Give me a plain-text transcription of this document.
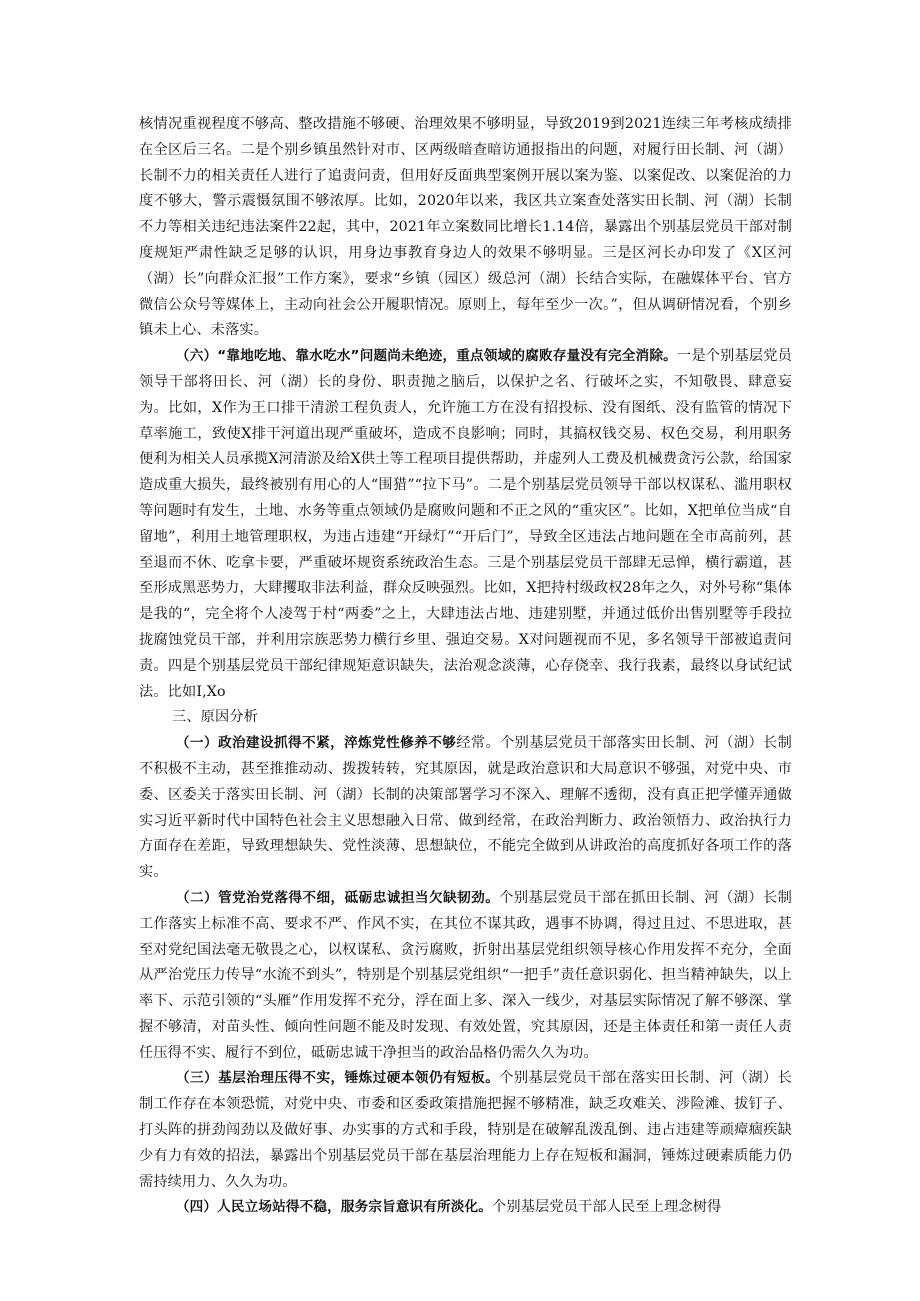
核情况重视程度不够高、整改措施不够硬、治理效果不够明显，导致2019到2021连续三年考核成绩排在全区后三名。二是个别乡镇虽然针对市、区两级暗查暗访通报指出的问题，对履行田长制、河（湖）长制不力的相关责任人进行了追责问责，但用好反面典型案例开展以案为鉴、以案促改、以案促治的力度不够大，警示震慑氛围不够浓厚。比如，2020年以来，我区共立案查处落实田长制、河（湖）长制不力等相关违纪违法案件22起，其中，2021年立案数同比增长1.14倍，暴露出个别基层党员干部对制度规矩严肃性缺乏足够的认识，用身边事教育身边人的效果不够明显。三是区河长办印发了《X区河（湖）长”向群众汇报”工作方案》，要求“乡镇（园区）级总河（湖）长结合实际，在融媒体平台、官方微信公众号等媒体上，主动向社会公开履职情况。原则上，每年至少一次。”，但从调研情况看，个别乡镇未上心、未落实。

（六）“靠地吃地、靠水吃水”问题尚未绝迹，重点领域的腐败存量没有完全消除。一是个别基层党员领导干部将田长、河（湖）长的身份、职责抛之脑后，以保护之名、行破坏之实，不知敬畏、肆意妄为。比如，X作为王口排干清淤工程负责人，允许施工方在没有招投标、没有图纸、没有监管的情况下草率施工，致使X排干河道出现严重破坏，造成不良影响；同时，其搞权钱交易、权色交易，利用职务便利为相关人员承揽X河清淤及给X供土等工程项目提供帮助，并虚列人工费及机械费贪污公款，给国家造成重大损失，最终被别有用心的人“围猎”“拉下马”。二是个别基层党员领导干部以权谋私、滥用职权等问题时有发生，土地、水务等重点领域仍是腐败问题和不正之风的“重灾区”。比如，X把单位当成“自留地”，利用土地管理职权，为违占违建“开绿灯”“开后门”，导致全区违法占地问题在全市高前列，甚至退而不休、吃拿卡要，严重破坏规资系统政治生态。三是个别基层党员干部肆无忌惮，横行霸道，甚至形成黑恶势力，大肆攫取非法利益，群众反映强烈。比如，X把持村级政权28年之久，对外号称“集体是我的“，完全将个人凌驾于村“两委”之上，大肆违法占地、违建别墅，并通过低价出售别墅等手段拉拢腐蚀党员干部，并利用宗族恶势力横行乡里、强迫交易。X对问题视而不见，多名领导干部被追责问责。四是个别基层党员干部纪律规矩意识缺失，法治观念淡薄，心存侥幸、我行我素，最终以身试纪试法。比如I,Xo

三、原因分析

（一）政治建设抓得不紧，淬炼党性修养不够经常。个别基层党员干部落实田长制、河（湖）长制不积极不主动，甚至推推动动、拨拨转转，究其原因，就是政治意识和大局意识不够强，对党中央、市委、区委关于落实田长制、河（湖）长制的决策部署学习不深入、理解不透彻，没有真正把学懂弄通做实习近平新时代中国特色社会主义思想融入日常、做到经常，在政治判断力、政治领悟力、政治执行力方面存在差距，导致理想缺失、党性淡薄、思想缺位，不能完全做到从讲政治的高度抓好各项工作的落实。

（二）管党治党落得不细，砥砺忠诚担当欠缺韧劲。个别基层党员干部在抓田长制、河（湖）长制工作落实上标准不高、要求不严、作风不实，在其位不谋其政，遇事不协调，得过且过、不思进取，甚至对党纪国法毫无敬畏之心，以权谋私、贪污腐败，折射出基层党组织领导核心作用发挥不充分，全面从严治党压力传导“水流不到头”，特别是个别基层党组织“一把手”责任意识弱化、担当精神缺失，以上率下、示范引领的“头雁”作用发挥不充分，浮在面上多、深入一线少，对基层实际情况了解不够深、掌握不够清，对苗头性、倾向性问题不能及时发现、有效处置，究其原因，还是主体责任和第一责任人责任压得不实、履行不到位，砥砺忠诚干净担当的政治品格仍需久久为功。

（三）基层治理压得不实，锤炼过硬本领仍有短板。个别基层党员干部在落实田长制、河（湖）长制工作存在本领恐慌，对党中央、市委和区委政策措施把握不够精准，缺乏攻难关、涉险滩、拔钉子、打头阵的拼劲闯劲以及做好事、办实事的方式和手段，特别是在破解乱泼乱倒、违占违建等顽瘴痼疾缺少有力有效的招法，暴露出个别基层党员干部在基层治理能力上存在短板和漏洞，锤炼过硬素质能力仍需持续用力、久久为功。

（四）人民立场站得不稳，服务宗旨意识有所淡化。个别基层党员干部人民至上理念树得
